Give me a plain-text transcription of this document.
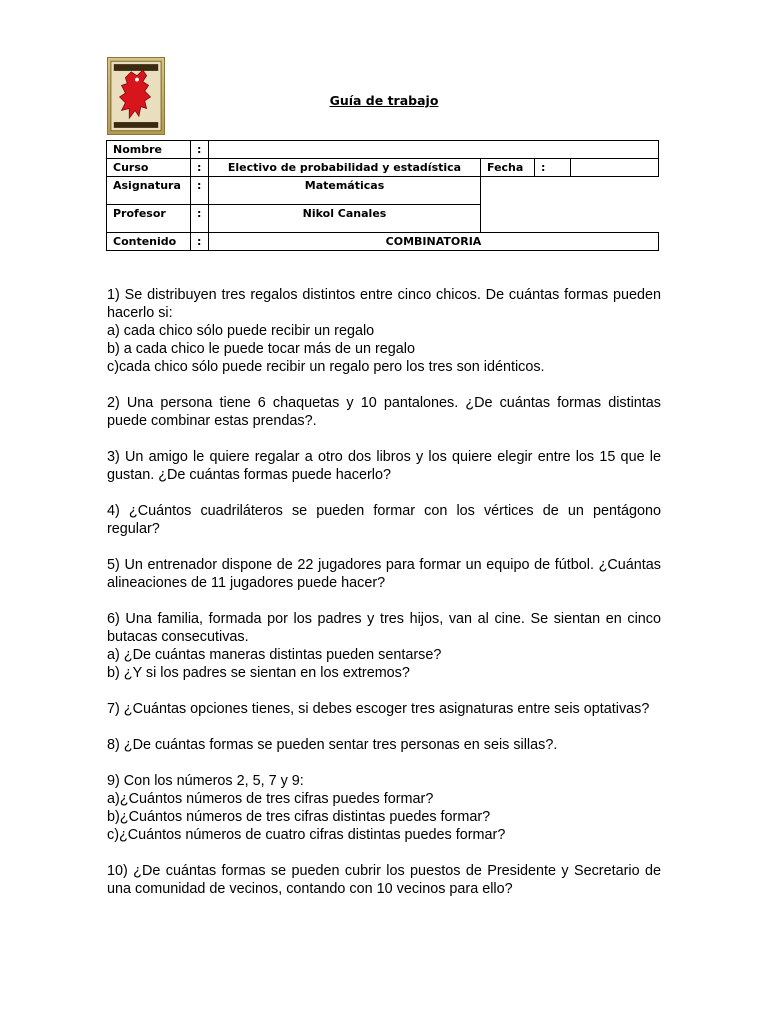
Guía de trabajo
Nombre	:				
Curso	:	Electivo de probabilidad y estadística	Fecha	:	
Asignatura	:	Matemáticas			
Profesor	:	Nikol Canales			
Contenido	:	COMBINATORIA			

1) Se distribuyen tres regalos distintos entre cinco chicos. De cuántas formas pueden hacerlo si:
a) cada chico sólo puede recibir un regalo
b) a cada chico le puede tocar más de un regalo
c)cada chico sólo puede recibir un regalo pero los tres son idénticos.

2) Una persona tiene 6 chaquetas y 10 pantalones. ¿De cuántas formas distintas puede combinar estas prendas?.

3) Un amigo le quiere regalar a otro dos libros y los quiere elegir entre los 15 que le gustan. ¿De cuántas formas puede hacerlo?

4) ¿Cuántos cuadriláteros se pueden formar con los vértices de un pentágono regular?

5) Un entrenador dispone de 22 jugadores para formar un equipo de fútbol. ¿Cuántas alineaciones de 11 jugadores puede hacer?

6) Una familia, formada por los padres y tres hijos, van al cine. Se sientan en cinco butacas consecutivas.
a) ¿De cuántas maneras distintas pueden sentarse?
b) ¿Y si los padres se sientan en los extremos?

7) ¿Cuántas opciones tienes, si debes escoger tres asignaturas entre seis optativas?

8) ¿De cuántas formas se pueden sentar tres personas en seis sillas?.

9) Con los números 2, 5, 7 y 9:
a)¿Cuántos números de tres cifras puedes formar?
b)¿Cuántos números de tres cifras distintas puedes formar?
c)¿Cuántos números de cuatro cifras distintas puedes formar?

10) ¿De cuántas formas se pueden cubrir los puestos de Presidente y Secretario de una comunidad de vecinos, contando con 10 vecinos para ello?
